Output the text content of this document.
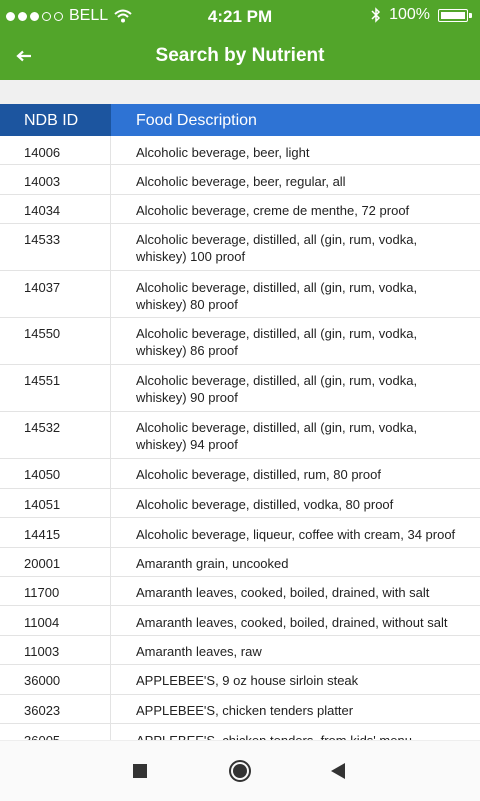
BELL	4:21 PM	100%
Search by Nutrient
NDB ID	Food Description
14006	Alcoholic beverage, beer, light
14003	Alcoholic beverage, beer, regular, all
14034	Alcoholic beverage, creme de menthe, 72 proof
14533	Alcoholic beverage, distilled, all (gin, rum, vodka, whiskey) 100 proof
14037	Alcoholic beverage, distilled, all (gin, rum, vodka, whiskey) 80 proof
14550	Alcoholic beverage, distilled, all (gin, rum, vodka, whiskey) 86 proof
14551	Alcoholic beverage, distilled, all (gin, rum, vodka, whiskey) 90 proof
14532	Alcoholic beverage, distilled, all (gin, rum, vodka, whiskey) 94 proof
14050	Alcoholic beverage, distilled, rum, 80 proof
14051	Alcoholic beverage, distilled, vodka, 80 proof
14415	Alcoholic beverage, liqueur, coffee with cream, 34 proof
20001	Amaranth grain, uncooked
11700	Amaranth leaves, cooked, boiled, drained, with salt
11004	Amaranth leaves, cooked, boiled, drained, without salt
11003	Amaranth leaves, raw
36000	APPLEBEE'S, 9 oz house sirloin steak
36023	APPLEBEE'S, chicken tenders platter
